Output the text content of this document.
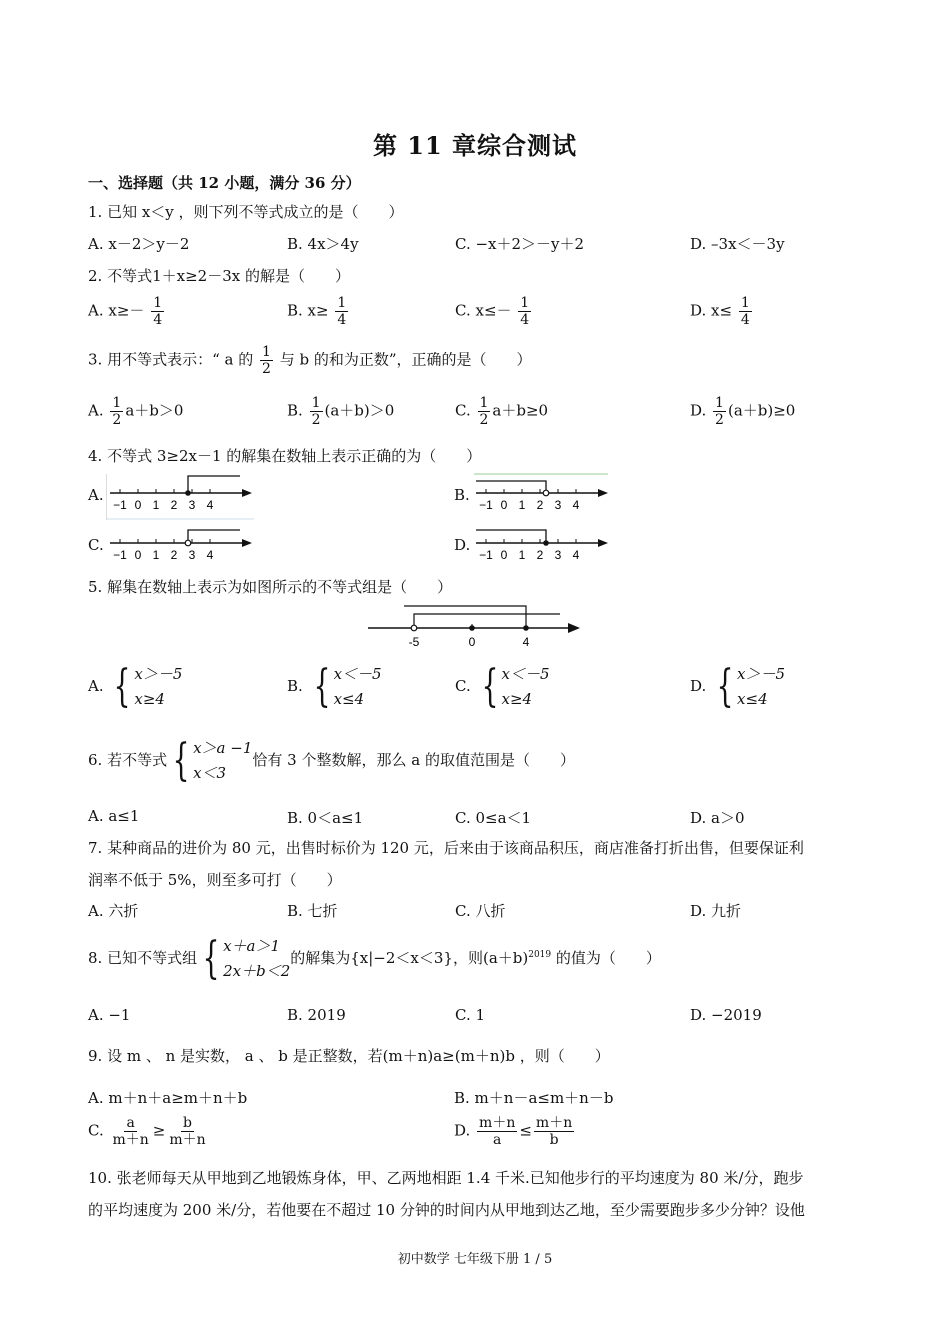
第 11 章综合测试
一、选择题（共 12 小题，满分 36 分）
1. 已知 x＜y ，则下列不等式成立的是（　　）
A. x－2＞y－2	B. 4x＞4y	C. −x＋2＞－y＋2	D. –3x＜－3y
2. 不等式1＋x≥2－3x 的解是（　　）
A. $x\ge- \frac{1}{4}$	B. $x\ge \frac{1}{4}$	C. $x\le- \frac{1}{4}$	D. $x\le \frac{1}{4}$
3. 用不等式表示：“ a 的 $\frac{1}{2}$ 与 b 的和为正数”，正确的是（　　）
A. $\frac{1}{2} a+b>0$	B. $\frac{1}{2} (a+b)>0$	C. $\frac{1}{2} a+b\ge 0$	D. $\frac{1}{2} (a+b)\ge 0$
4. 不等式 3≥2x－1 的解集在数轴上表示正确的为（　　）
A.
−1 0 1 2 3 4
B.
−1 0 1 2 3 4
C.
−1 0 1 2 3 4
D.
−1 0 1 2 3 4
5. 解集在数轴上表示为如图所示的不等式组是（　　）
-5	0	4
A. { x＞－5
x≥4
B. { x＜－5
x≤4
C. { x＜－5
x≥4
D. { x＞－5
x≤4
6. 若不等式 { x＞a −1
x＜3
恰有 3 个整数解，那么 a 的取值范围是（　　）
A. a≤1	B. 0＜a≤1	C. 0≤a＜1	D. a＞0
7. 某种商品的进价为 80 元，出售时标价为 120 元，后来由于该商品积压，商店准备打折出售，但要保证利
润率不低于 5%，则至多可打（　　）
A. 六折	B. 七折	C. 八折	D. 九折
8. 已知不等式组 { x＋a＞1
2x＋b＜2
的解集为{x|−2＜x＜3}，则$(a+b)^{2019}$ 的值为（　　）
A. −1	B. 2019	C. 1	D. −2019
9. 设 m 、 n 是实数， a 、 b 是正整数，若(m＋n)a≥(m＋n)b ，则（　　）
A. m＋n＋a≥m＋n＋b	B. m＋n－a≤m＋n－b
C. $\frac{a}{m+n} \ge \frac{b}{m+n}$	D. $\frac{m+n}{a} \le \frac{m+n}{b}$
10. 张老师每天从甲地到乙地锻炼身体，甲、乙两地相距 1.4 千米.已知他步行的平均速度为 80 米/分，跑步
的平均速度为 200 米/分，若他要在不超过 10 分钟的时间内从甲地到达乙地，至少需要跑步多少分钟？设他
初中数学 七年级下册 1 / 5
